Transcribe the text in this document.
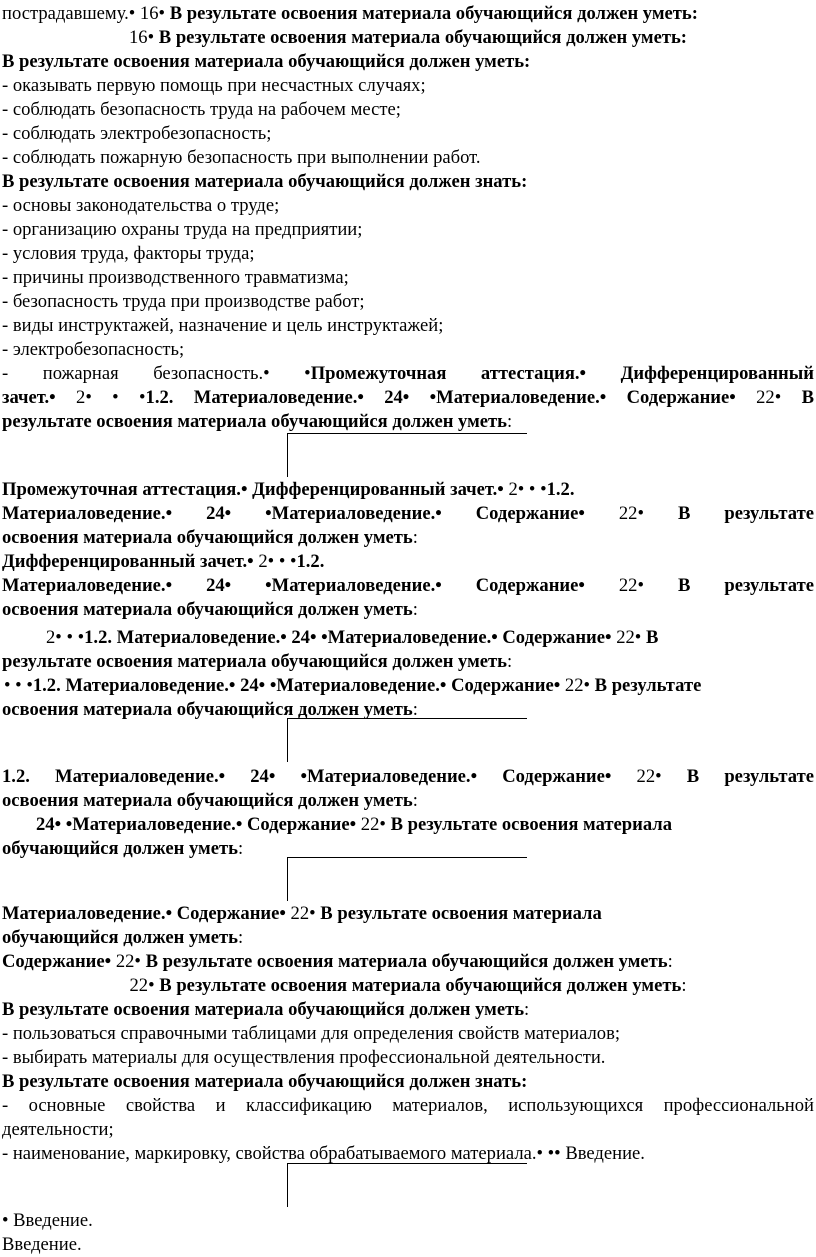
пострадавшему.• 16• В результате освоения материала обучающийся должен уметь:
16• В результате освоения материала обучающийся должен уметь:
В результате освоения материала обучающийся должен уметь:
- оказывать первую помощь при несчастных случаях;
- соблюдать безопасность труда на рабочем месте;
- соблюдать электробезопасность;
- соблюдать пожарную безопасность при выполнении работ.
В результате освоения материала обучающийся должен знать:
- основы законодательства о труде;
- организацию охраны труда на предприятии;
- условия труда, факторы труда;
- причины производственного травматизма;
- безопасность труда при производстве работ;
- виды инструктажей, назначение и цель инструктажей;
- электробезопасность;
- пожарная безопасность.• •Промежуточная аттестация.• Дифференцированный
зачет.• 2• • •1.2. Материаловедение.• 24• •Материаловедение.• Содержание• 22• В
результате освоения материала обучающийся должен уметь:
Промежуточная аттестация.• Дифференцированный зачет.• 2• • •1.2.
Материаловедение.• 24• •Материаловедение.• Содержание• 22• В результате
освоения материала обучающийся должен уметь:
Дифференцированный зачет.• 2• • •1.2.
Материаловедение.• 24• •Материаловедение.• Содержание• 22• В результате
освоения материала обучающийся должен уметь:
2• • •1.2. Материаловедение.• 24• •Материаловедение.• Содержание• 22• В
результате освоения материала обучающийся должен уметь:
• • •1.2. Материаловедение.• 24• •Материаловедение.• Содержание• 22• В результате
освоения материала обучающийся должен уметь:
1.2. Материаловедение.• 24• •Материаловедение.• Содержание• 22• В результате
освоения материала обучающийся должен уметь:
24• •Материаловедение.• Содержание• 22• В результате освоения материала
обучающийся должен уметь:
Материаловедение.• Содержание• 22• В результате освоения материала
обучающийся должен уметь:
Содержание• 22• В результате освоения материала обучающийся должен уметь:
22• В результате освоения материала обучающийся должен уметь:
В результате освоения материала обучающийся должен уметь:
- пользоваться справочными таблицами для определения свойств материалов;
- выбирать материалы для осуществления профессиональной деятельности.
В результате освоения материала обучающийся должен знать:
- основные свойства и классификацию материалов, использующихся профессиональной
деятельности;
- наименование, маркировку, свойства обрабатываемого материала.• •• Введение.
• Введение.
Введение.
